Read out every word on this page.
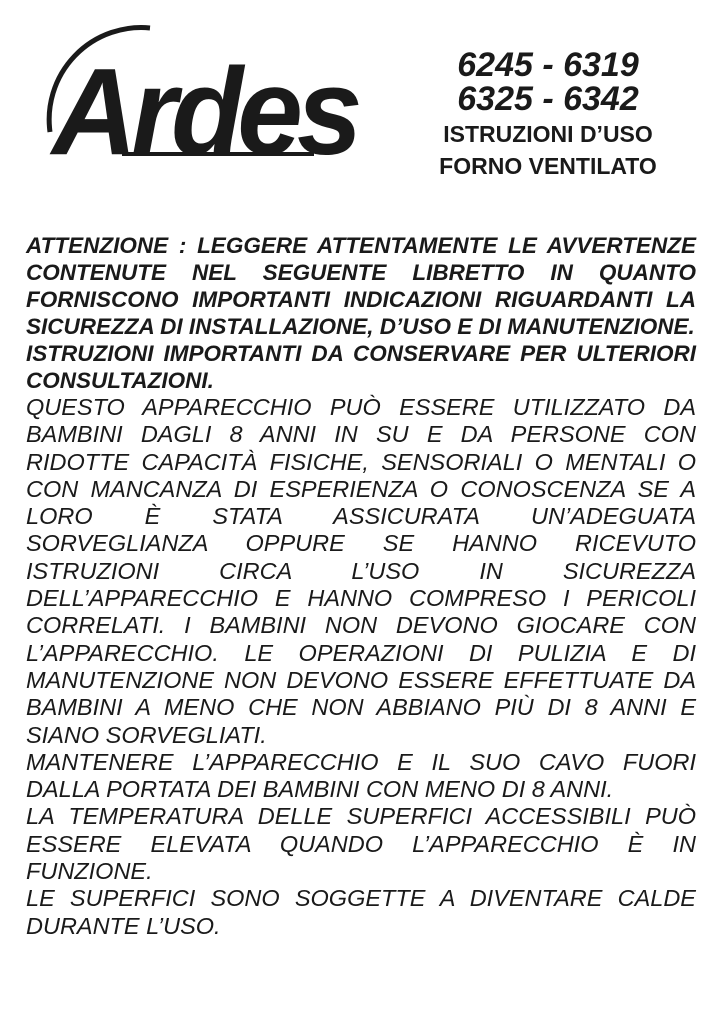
Ardes	6245 - 6319

6325 - 6342

ISTRUZIONI D’USO

FORNO VENTILATO

ATTENZIONE : LEGGERE ATTENTAMENTE LE AVVERTENZE CONTENUTE NEL SEGUENTE LIBRETTO IN QUANTO FORNISCONO IMPORTANTI INDICAZIONI RIGUARDANTI LA SICUREZZA DI INSTALLAZIONE, D’USO E DI MANUTENZIONE.

ISTRUZIONI IMPORTANTI DA CONSERVARE PER ULTERIORI CONSULTAZIONI.

QUESTO APPARECCHIO PUÒ ESSERE UTILIZZATO DA BAMBINI DAGLI 8 ANNI IN SU E DA PERSONE CON RIDOTTE CAPACITÀ FISICHE, SENSORIALI O MENTALI O CON MANCANZA DI ESPERIENZA O CONOSCENZA SE A LORO È STATA ASSICURATA UN’ADEGUATA SORVEGLIANZA OPPURE SE HANNO RICEVUTO ISTRUZIONI CIRCA L’USO IN SICUREZZA DELL’APPARECCHIO E HANNO COMPRESO I PERICOLI CORRELATI. I BAMBINI NON DEVONO GIOCARE CON L’APPARECCHIO. LE OPERAZIONI DI PULIZIA E DI MANUTENZIONE NON DEVONO ESSERE EFFETTUATE DA BAMBINI A MENO CHE NON ABBIANO PIÙ DI 8 ANNI E SIANO SORVEGLIATI.

MANTENERE L’APPARECCHIO E IL SUO CAVO FUORI DALLA PORTATA DEI BAMBINI CON MENO DI 8 ANNI.

LA TEMPERATURA DELLE SUPERFICI ACCESSIBILI PUÒ ESSERE ELEVATA QUANDO L’APPARECCHIO È IN FUNZIONE.

LE SUPERFICI SONO SOGGETTE A DIVENTARE CALDE DURANTE L’USO.
